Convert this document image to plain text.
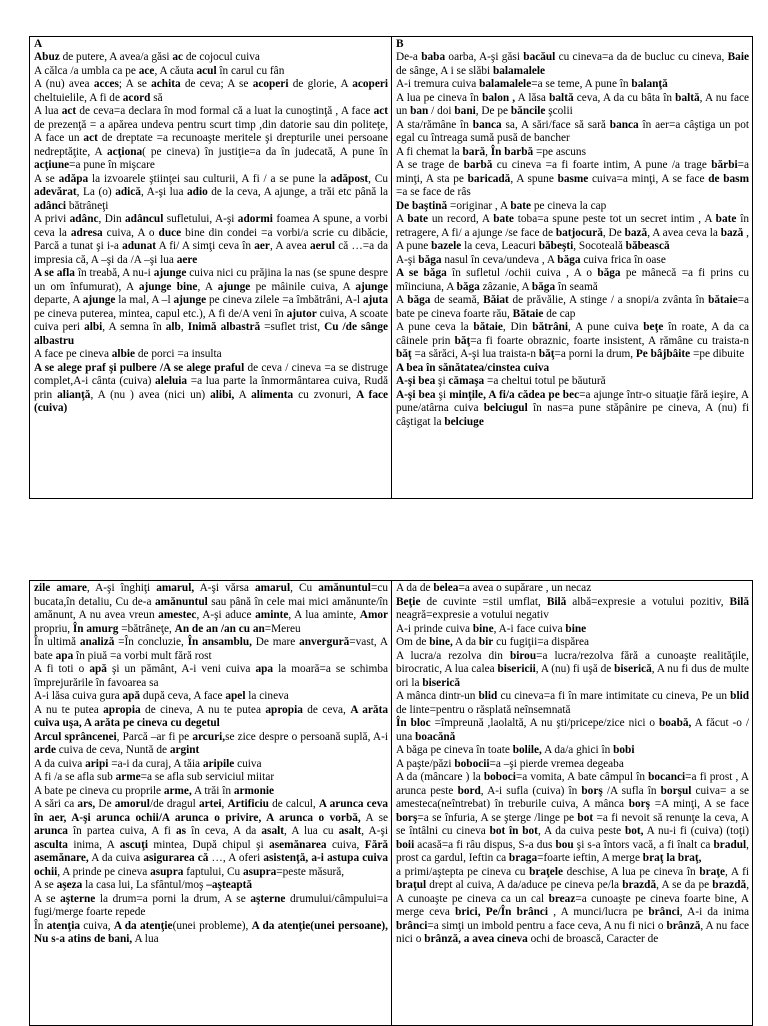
A

Abuz de putere, A avea/a găsi ac de cojocul cuiva

A călca /a umbla ca pe ace, A căuta acul în carul cu fân

A (nu) avea acces; A se achita de ceva; A se acoperi de glorie, A acoperi cheltuielile, A fi de acord să

A lua act de ceva=a declara în mod formal că a luat la cunoştinţă , A face act de prezenţă = a apărea undeva pentru scurt timp ,din datorie sau din politeţe, A face un act de dreptate =a recunoaşte meritele şi drepturile unei persoane nedreptăţite, A acţiona( pe cineva) în justiţie=a da în judecată, A pune în acţiune=a pune în mişcare

A se adăpa la izvoarele ştiinţei sau culturii, A fi / a se pune la adăpost, Cu adevărat, La (o) adică, A-şi lua adio de la ceva, A ajunge, a trăi etc până la adânci bătrâneţi

A privi adânc, Din adâncul sufletului, A-şi adormi foamea A spune, a vorbi ceva la adresa cuiva, A o duce bine din condei =a vorbi/a scrie cu dibăcie, Parcă a tunat şi i-a adunat A fi/ A simţi ceva în aer, A avea aerul că …=a da impresia că, A –şi da /A –şi lua aere

A se afla în treabă, A nu-i ajunge cuiva nici cu prăjina la nas (se spune despre un om înfumurat), A ajunge bine, A ajunge pe mâinile cuiva, A ajunge departe, A ajunge la mal, A –l ajunge pe cineva zilele =a îmbătrâni, A-l ajuta pe cineva puterea, mintea, capul etc.), A fi de/A veni în ajutor cuiva, A scoate cuiva peri albi, A semna în alb, Inimă albastră =suflet trist, Cu /de sânge albastru

A face pe cineva albie de porci =a insulta

A se alege praf şi pulbere /A se alege praful de ceva / cineva =a se distruge complet,A-i cânta (cuiva) aleluia =a lua parte la înmormântarea cuiva, Rudă prin alianţă, A (nu ) avea (nici un) alibi, A alimenta cu zvonuri, A face (cuiva)

B

De-a baba oarba, A-şi găsi bacăul cu cineva=a da de bucluc cu cineva, Baie de sânge, A i se slăbi balamalele

A-i tremura cuiva balamalele=a se teme, A pune în balanţă

A lua pe cineva în balon , A lăsa baltă ceva, A da cu bâta în baltă, A nu face un ban / doi bani, De pe băncile şcolii

A sta/rămâne în banca sa, A sări/face să sară banca în aer=a câştiga un pot egal cu întreaga sumă pusă de bancher

A fi chemat la bară, În barbă =pe ascuns

A se trage de barbă cu cineva =a fi foarte intim, A pune /a trage bărbi=a minţi, A sta pe baricadă, A spune basme cuiva=a minţi, A se face de basm =a se face de râs

De baştină =originar , A bate pe cineva la cap

A bate un record, A bate toba=a spune peste tot un secret intim , A bate în retragere, A fi/ a ajunge /se face de batjocură, De bază, A avea ceva la bază , A pune bazele la ceva, Leacuri băbeşti, Socoteală băbească

A-şi băga nasul în ceva/undeva , A băga cuiva frica în oase

A se băga în sufletul /ochii cuiva , A o băga pe mânecă =a fi prins cu mîinciuna, A băga zâzanie, A băga în seamă

A băga de seamă, Băiat de prăvălie, A stinge / a snopi/a zvânta în bătaie=a bate pe cineva foarte rău, Bătaie de cap

A pune ceva la bătaie, Din bătrâni, A pune cuiva beţe în roate, A da ca câinele prin băţ=a fi foarte obraznic, foarte insistent, A rămâne cu traista-n băţ =a sărăci, A-şi lua traista-n băţ=a porni la drum, Pe bâjbâite =pe dibuite

A bea în sănătatea/cinstea cuiva

A-şi bea şi cămaşa =a cheltui totul pe băutură

A-şi bea şi minţile, A fi/a cădea pe bec=a ajunge într-o situaţie fără ieşire, A pune/atârna cuiva belciugul în nas=a pune stăpânire pe cineva, A (nu) fi câştigat la belciuge

zile amare, A-şi înghiţi amarul, A-şi vărsa amarul, Cu amănuntul=cu bucata,în detaliu, Cu de-a amănuntul sau până în cele mai mici amănunte/în amănunt, A nu avea vreun amestec, A-şi aduce aminte, A lua aminte, Amor propriu, În amurg =bătrâneţe, An de an /an cu an=Mereu

În ultimă analiză =În concluzie, În ansamblu, De mare anvergură=vast, A bate apa în piuă =a vorbi mult fără rost

A fi toti o apă şi un pământ, A-i veni cuiva apa la moară=a se schimba împrejurările în favoarea sa

A-i lăsa cuiva gura apă după ceva, A face apel la cineva

A nu te putea apropia de cineva, A nu te putea apropia de ceva, A arăta cuiva uşa, A arăta pe cineva cu degetul

Arcul sprâncenei, Parcă –ar fi pe arcuri,se zice despre o persoană suplă, A-i arde cuiva de ceva, Nuntă de argint

A da cuiva aripi =a-i da curaj, A tăia aripile cuiva

A fi /a se afla sub arme=a se afla sub serviciul miitar

A bate pe cineva cu proprile arme, A trăi în armonie

A sări ca ars, De amorul/de dragul artei, Artificiu de calcul, A arunca ceva în aer, A-şi arunca ochii/A arunca o privire, A arunca o vorbă, A se arunca în partea cuiva, A fi as în ceva, A da asalt, A lua cu asalt, A-şi asculta inima, A ascuţi mintea, După chipul şi asemănarea cuiva, Fără asemănare, A da cuiva asigurarea că …, A oferi asistenţă, a-i astupa cuiva ochii, A prinde pe cineva asupra faptului, Cu asupra=peste măsură,

A se aşeza la casa lui, La sfântul/moş –aşteaptă

A se aşterne la drum=a porni la drum, A se aşterne drumului/câmpului=a fugi/merge foarte repede

În atenţia cuiva, A da atenţie(unei probleme), A da atenţie(unei persoane), Nu s-a atins de bani, A lua

A da de belea=a avea o supărare , un necaz

Beţie de cuvinte =stil umflat, Bilă albă=expresie a votului pozitiv, Bilă neagră=expresie a votului negativ

A-i prinde cuiva bine, A-i face cuiva bine

Om de bine, A da bir cu fugiţii=a dispărea

A lucra/a rezolva din birou=a lucra/rezolva fără a cunoaşte realităţile, birocratic, A lua calea bisericii, A (nu) fi uşă de biserică, A nu fi dus de multe ori la biserică

A mânca dintr-un blid cu cineva=a fi în mare intimitate cu cineva, Pe un blid de linte=pentru o răsplată neînsemnată

În bloc =împreună ,laolaltă, A nu şti/pricepe/zice nici o boabă, A făcut -o / una boacănă

A băga pe cineva în toate bolile, A da/a ghici în bobi

A paşte/păzi bobocii=a –şi pierde vremea degeaba

A da (mâncare ) la boboci=a vomita, A bate câmpul în bocanci=a fi prost , A arunca peste bord, A-i sufla (cuiva) în borş /A sufla în borşul cuiva= a se amesteca(neîntrebat) în treburile cuiva, A mânca borş =A minţi, A se face borş=a se înfuria, A se şterge /linge pe bot =a fi nevoit să renunţe la ceva, A se întâlni cu cineva bot în bot, A da cuiva peste bot, A nu-i fi (cuiva) (toţi) boii acasă=a fi râu dispus, S-a dus bou şi s-a întors vacă, a fi înalt ca bradul, prost ca gardul, Ieftin ca braga=foarte ieftin, A merge braţ la braţ,

a primi/aştepta pe cineva cu braţele deschise, A lua pe cineva în braţe, A fi braţul drept al cuiva, A da/aduce pe cineva pe/la brazdă, A se da pe brazdă, A cunoaşte pe cineva ca un cal breaz=a cunoaşte pe cineva foarte bine, A merge ceva brici, Pe/În brânci , A munci/lucra pe brânci, A-i da inima brânci=a simţi un imbold pentru a face ceva, A nu fi nici o brânză, A nu face nici o brânză, a avea cineva ochi de broască, Caracter de
